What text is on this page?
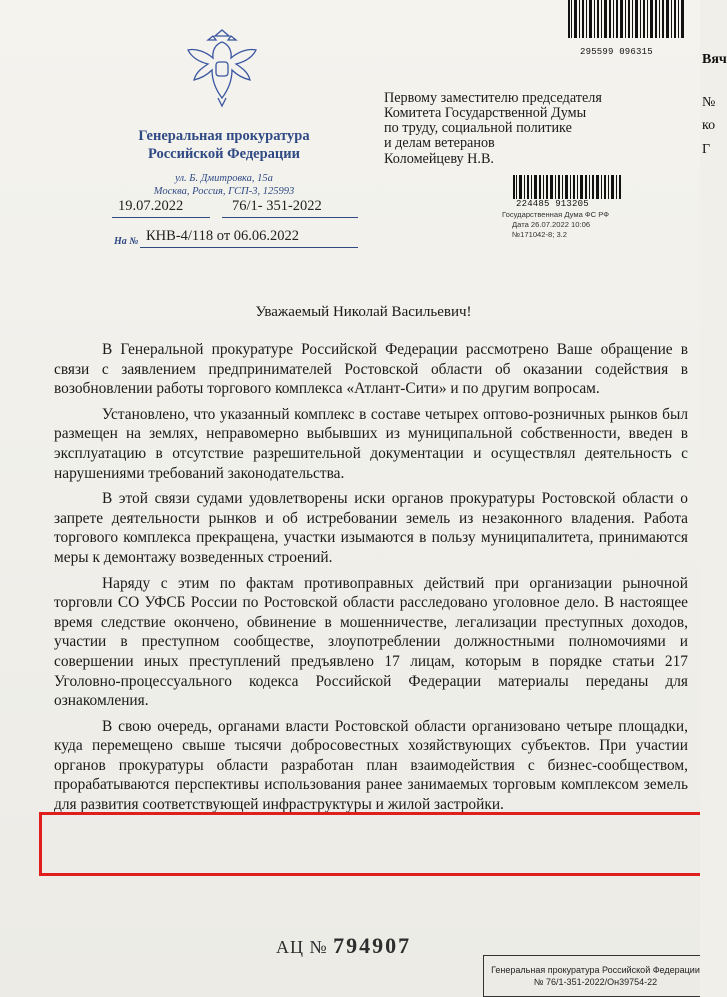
Генеральная прокуратура
Российской Федерации
ул. Б. Дмитровка, 15а
Москва, Россия, ГСП-3, 125993
19.07.2022	76/1- 351-2022
На № КНВ-4/118 от 06.06.2022
295599 096315
Первому заместителю председателя
Комитета Государственной Думы
по труду, социальной политике
и делам ветеранов
Коломейцеву Н.В.
224485 913205
Государственная Дума ФС РФ
Дата 26.07.2022 10:06
№171042-8; 3.2
Уважаемый Николай Васильевич!

В Генеральной прокуратуре Российской Федерации рассмотрено Ваше обращение в связи с заявлением предпринимателей Ростовской области об оказании содействия в возобновлении работы торгового комплекса «Атлант-Сити» и по другим вопросам.

Установлено, что указанный комплекс в составе четырех оптово-розничных рынков был размещен на землях, неправомерно выбывших из муниципальной собственности, введен в эксплуатацию в отсутствие разрешительной документации и осуществлял деятельность с нарушениями требований законодательства.

В этой связи судами удовлетворены иски органов прокуратуры Ростовской области о запрете деятельности рынков и об истребовании земель из незаконного владения. Работа торгового комплекса прекращена, участки изымаются в пользу муниципалитета, принимаются меры к демонтажу возведенных строений.

Наряду с этим по фактам противоправных действий при организации рыночной торговли СО УФСБ России по Ростовской области расследовано уголовное дело. В настоящее время следствие окончено, обвинение в мошенничестве, легализации преступных доходов, участии в преступном сообществе, злоупотреблении должностными полномочиями и совершении иных преступлений предъявлено 17 лицам, которым в порядке статьи 217 Уголовно-процессуального кодекса Российской Федерации материалы переданы для ознакомления.

В свою очередь, органами власти Ростовской области организовано четыре площадки, куда перемещено свыше тысячи добросовестных хозяйствующих субъектов. При участии органов прокуратуры области разработан план взаимодействия с бизнес-сообществом, прорабатываются перспективы использования ранее занимаемых торговым комплексом земель для развития соответствующей инфраструктуры и жилой застройки.

АЦ № 794907
Генеральная прокуратура Российской Федерации
№ 76/1-351-2022/Он39754-22
Вяч
№
ко
Г
